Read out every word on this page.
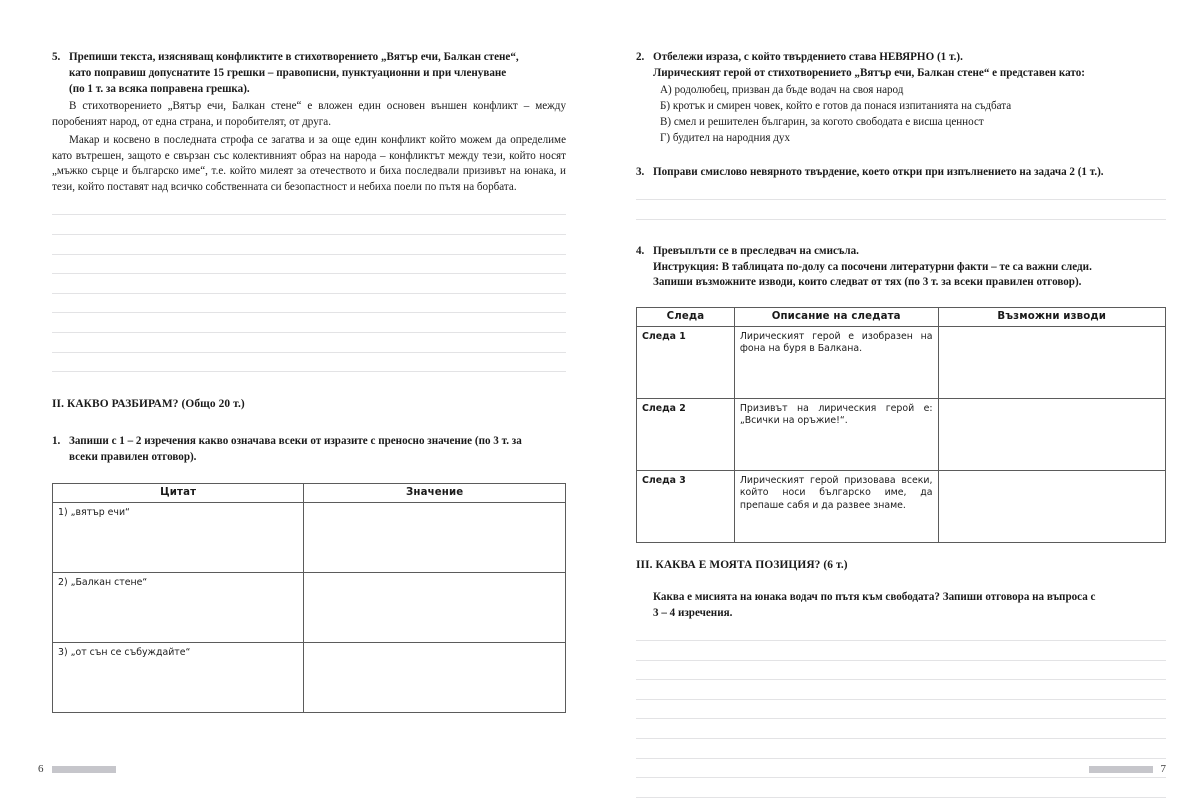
5. Препиши текста, изясняващ конфликтите в стихотворението „Вятър ечи, Балкан стене“,
като поправиш допуснатите 15 грешки – правописни, пунктуационни и при членуване
(по 1 т. за всяка поправена грешка).
В стихотворението „Вятър ечи, Балкан стене“ е вложен един основен външен конфликт – между поробеният народ, от една страна, и поробителят, от друга.
Макар и косвено в последната строфа се загатва и за още един конфликт който можем да определиме като вътрешен, защото е свързан със колективният образ на народа – конфликтът между тези, който носят „мъжко сърце и българско име“, т.е. който милеят за отечеството и биха последвали призивът на юнака, и тези, който поставят над всичко собственната си безопастност и небиха поели по пътя на борбата.
II. КАКВО РАЗБИРАМ? (Общо 20 т.)
1. Запиши с 1 – 2 изречения какво означава всеки от изразите с преносно значение (по 3 т. за
всеки правилен отговор).
Цитат	Значение
1) „вятър ечи“	
2) „Балкан стене“	
3) „от сън се събуждайте“	
6
2. Отбележи израза, с който твърдението става НЕВЯРНО (1 т.).
Лирическият герой от стихотворението „Вятър ечи, Балкан стене“ е представен като:
А) родолюбец, призван да бъде водач на своя народ
Б) кротък и смирен човек, който е готов да понася изпитанията на съдбата
В) смел и решителен българин, за когото свободата е висша ценност
Г) будител на народния дух
3. Поправи смислово невярното твърдение, което откри при изпълнението на задача 2 (1 т.).
4. Превъплъти се в преследвач на смисъла.
Инструкция: В таблицата по-долу са посочени литературни факти – те са важни следи.
Запиши възможните изводи, които следват от тях (по 3 т. за всеки правилен отговор).
Следа	Описание на следата	Възможни изводи
Следа 1	Лирическият герой е изобразен на фона на буря в Балкана.	
Следа 2	Призивът на лирическия герой е: „Всички на оръжие!“.	
Следа 3	Лирическият герой призовава всеки, който носи българско име, да препаше сабя и да развее знаме.	
III. КАКВА Е МОЯТА ПОЗИЦИЯ? (6 т.)
Каква е мисията на юнака водач по пътя към свободата? Запиши отговора на въпроса с
3 – 4 изречения.
7
